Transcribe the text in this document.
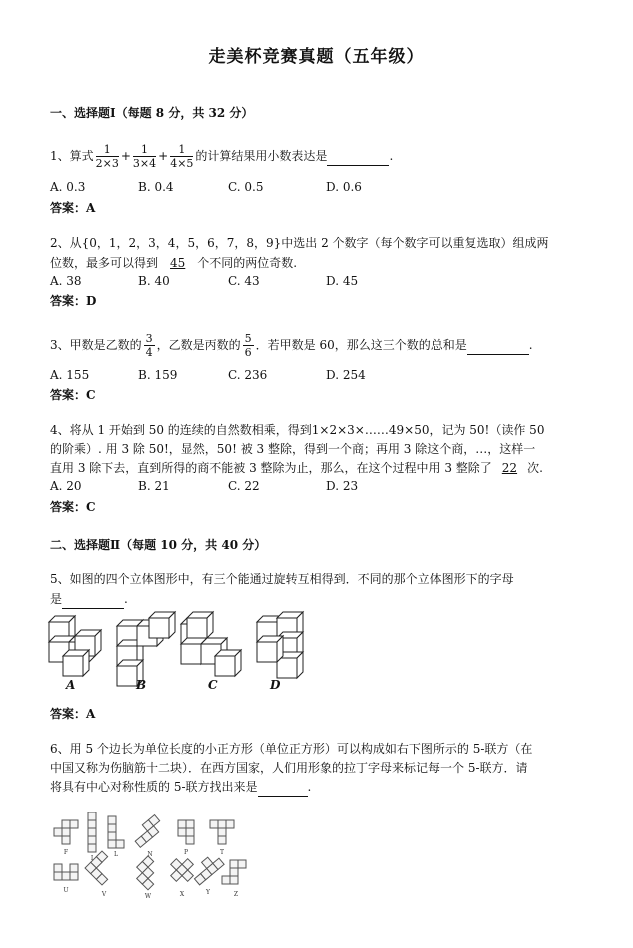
走美杯竞赛真题（五年级）
一、选择题Ⅰ（每题 8 分，共 32 分）
1、算式 $\frac{1}{2\times 3} + \frac{1}{3\times 4} + \frac{1}{4\times 5}$ 的计算结果用小数表达是	.
A. 0.3	B. 0.4	C. 0.5	D. 0.6
答案：A
2、从{0，1，2，3，4，5，6，7，8，9}中选出 2 个数字（每个数字可以重复选取）组成两
位数，最多可以得到 45 个不同的两位奇数.
A. 38	B. 40	C. 43	D. 45
答案：D
3、甲数是乙数的 $\frac{3}{4}$ ，乙数是丙数的 $\frac{5}{6}$ ．若甲数是 60，那么这三个数的总和是	.
A. 155	B. 159	C. 236	D. 254
答案：C
4、将从 1 开始到 50 的连续的自然数相乘，得到1×2×3×……49×50，记为 50!（读作 50
的阶乘）. 用 3 除 50!，显然，50! 被 3 整除，得到一个商；再用 3 除这个商，…，这样一
直用 3 除下去，直到所得的商不能被 3 整除为止，那么，在这个过程中用 3 整除了 22 次.
A. 20	B. 21	C. 22	D. 23
答案：C
二、选择题Ⅱ（每题 10 分，共 40 分）
5、如图的四个立体图形中，有三个能通过旋转互相得到．不同的那个立体图形下的字母
是	.
A	B	C	D
答案：A
6、用 5 个边长为单位长度的小正方形（单位正方形）可以构成如右下图所示的 5-联方（在
中国又称为伤脑筋十二块）．在西方国家，人们用形象的拉丁字母来标记每一个 5-联方．请
将具有中心对称性质的 5-联方找出来是	.
F
I
L	N	P	T
U
V	W	X	Y	Z
